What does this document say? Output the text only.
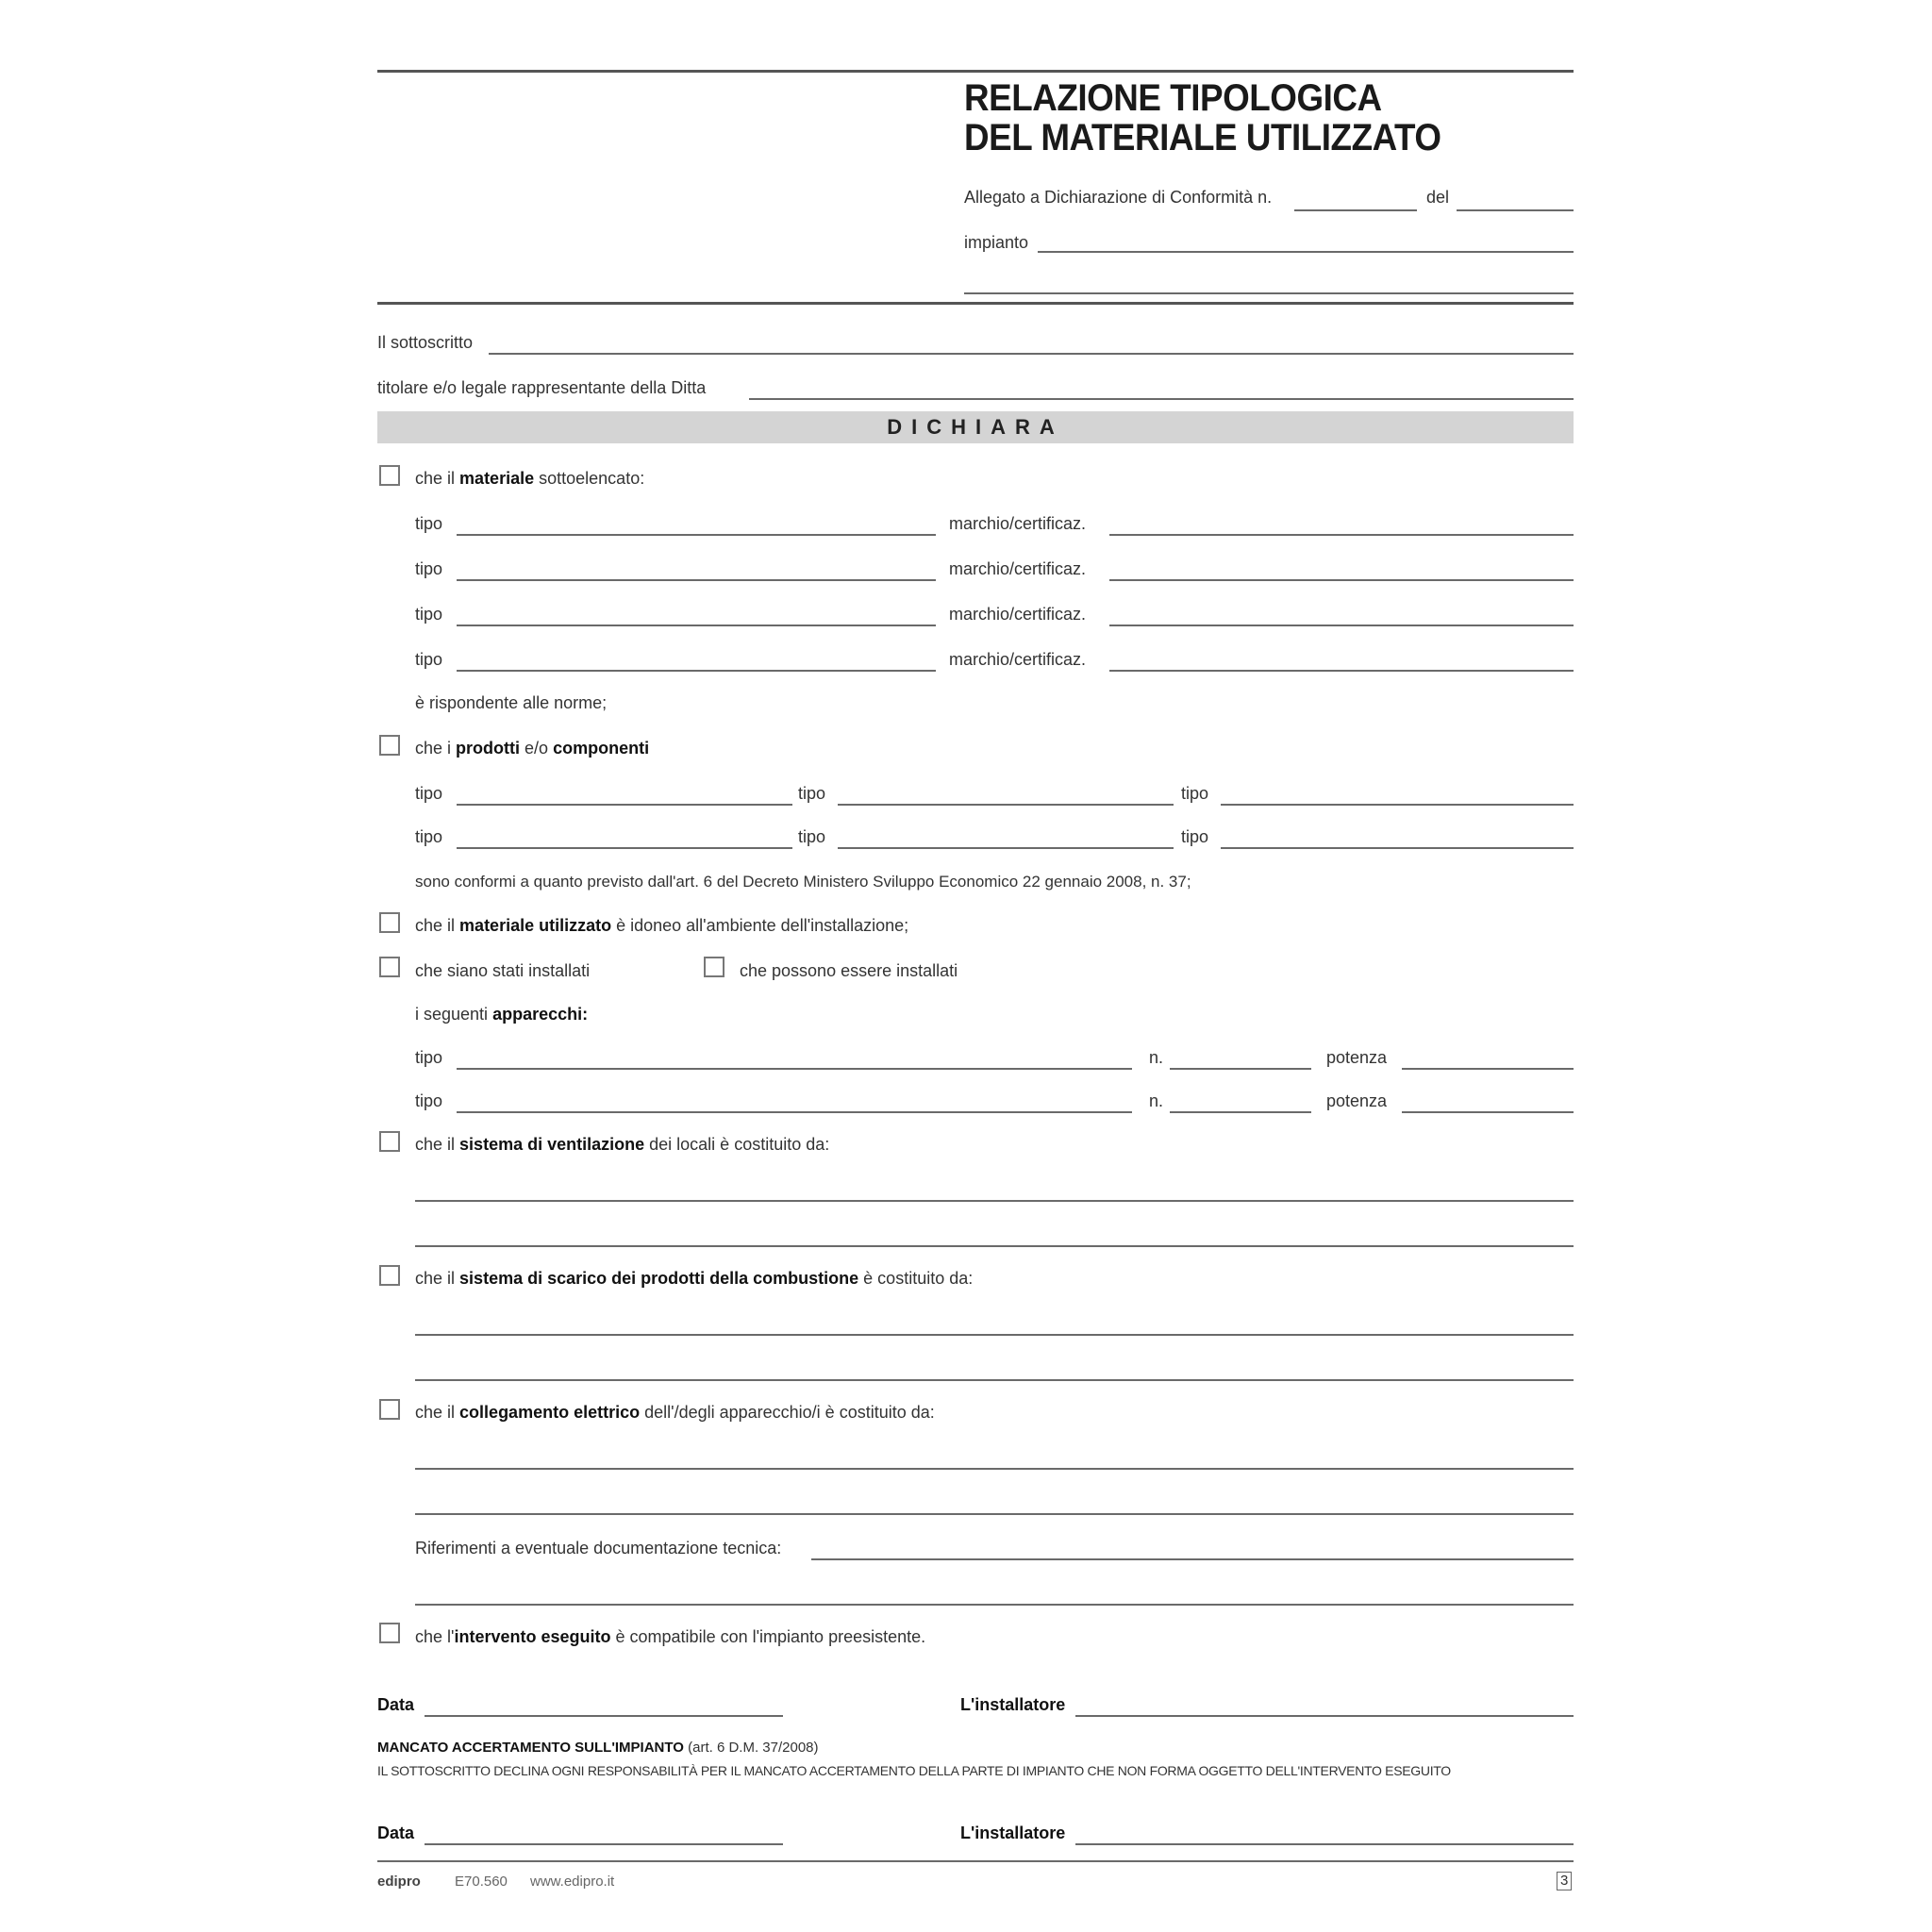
RELAZIONE TIPOLOGICA
DEL MATERIALE UTILIZZATO
Allegato a Dichiarazione di Conformità n.	del
impianto
Il sottoscritto
titolare e/o legale rappresentante della Ditta
DICHIARA
che il materiale sottoelencato:
tipo	marchio/certificaz.
tipo	marchio/certificaz.
tipo	marchio/certificaz.
tipo	marchio/certificaz.
è rispondente alle norme;
che i prodotti e/o componenti
tipo	tipo	tipo
tipo	tipo	tipo
sono conformi a quanto previsto dall'art. 6 del Decreto Ministero Sviluppo Economico 22 gennaio 2008, n. 37;
che il materiale utilizzato è idoneo all'ambiente dell'installazione;
che siano stati installati	che possono essere installati
i seguenti apparecchi:
tipo	n.	potenza
tipo	n.	potenza
che il sistema di ventilazione dei locali è costituito da:
che il sistema di scarico dei prodotti della combustione è costituito da:
che il collegamento elettrico dell'/degli apparecchio/i è costituito da:
Riferimenti a eventuale documentazione tecnica:
che l'intervento eseguito è compatibile con l'impianto preesistente.
Data	L'installatore
MANCATO ACCERTAMENTO SULL'IMPIANTO (art. 6 D.M. 37/2008)
IL SOTTOSCRITTO DECLINA OGNI RESPONSABILITÀ PER IL MANCATO ACCERTAMENTO DELLA PARTE DI IMPIANTO CHE NON FORMA OGGETTO DELL'INTERVENTO ESEGUITO
Data	L'installatore
edipro E70.560 www.edipro.it	3
